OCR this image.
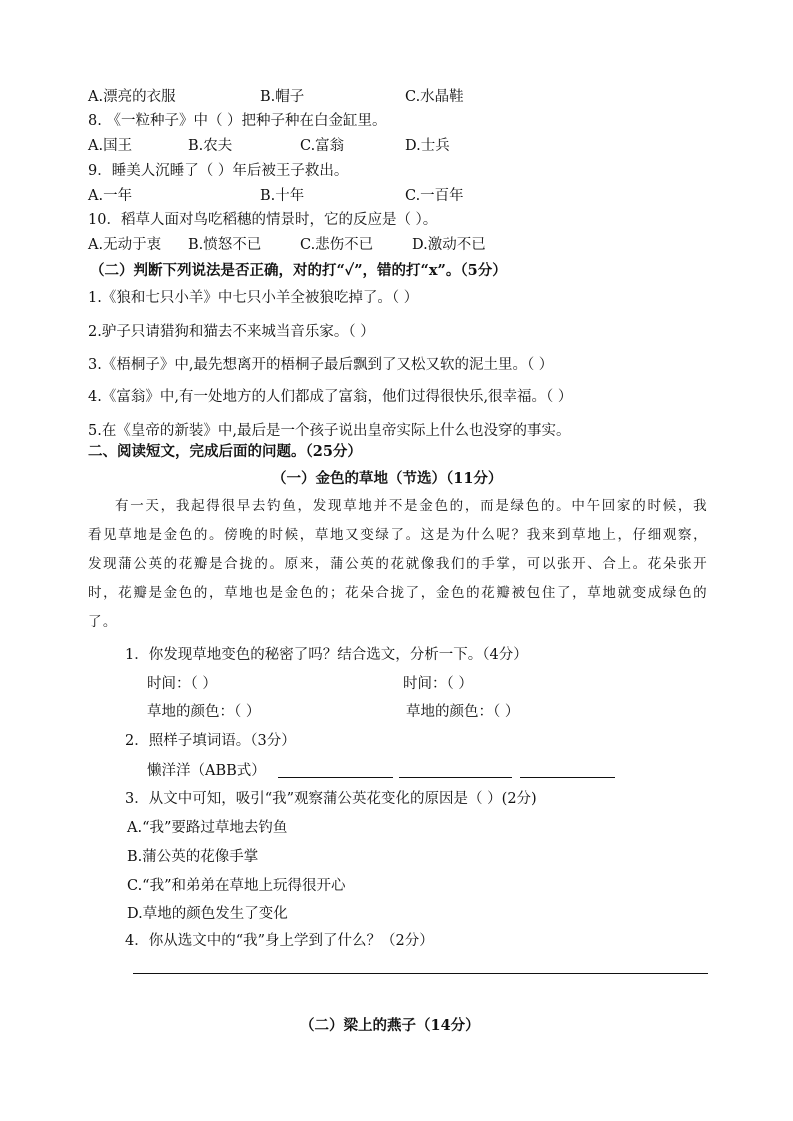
A.漂亮的衣服	B.帽子	C.水晶鞋
8. 《一粒种子》中（ ）把种子种在白金缸里。
A.国王	B.农夫	C.富翁	D.士兵
9．睡美人沉睡了（ ）年后被王子救出。
A.一年	B.十年	C.一百年
10．稻草人面对鸟吃稻穗的情景时，它的反应是（ ）。
A.无动于衷 B.愤怒不已	C.悲伤不已	D.激动不已
（二）判断下列说法是否正确，对的打“✓”，错的打“x”。（5分）
2.驴子只请猎狗和猫去不来城当音乐家。（ ）
3.《梧桐子》中,最先想离开的梧桐子最后飘到了又松又软的泥土里。（ ）
4.《富翁》中,有一处地方的人们都成了富翁，他们过得很快乐,很幸福。（ ）
5.在《皇帝的新装》中,最后是一个孩子说出皇帝实际上什么也没穿的事实。
1.《狼和七只小羊》中七只小羊全被狼吃掉了。（ ）
二、阅读短文，完成后面的问题。（25分）
（一）金色的草地（节选）（11分）

有一天，我起得很早去钓鱼，发现草地并不是金色的，而是绿色的。中午回家的时候，我看见草地是金色的。傍晚的时候，草地又变绿了。这是为什么呢？我来到草地上，仔细观察，发现蒲公英的花瓣是合拢的。原来，蒲公英的花就像我们的手掌，可以张开、合上。花朵张开时，花瓣是金色的，草地也是金色的；花朵合拢了，金色的花瓣被包住了，草地就变成绿色的了。

1．你发现草地变色的秘密了吗？结合选文，分析一下。（4分）
时间：（ ）	时间：（ ）
草地的颜色：（ ）	草地的颜色：（ ）
2．照样子填词语。（3分）
懒洋洋（ABB式）
3．从文中可知，吸引“我”观察蒲公英花变化的原因是（ ）(2分)
A.“我”要路过草地去钓鱼
B.蒲公英的花像手掌
C.“我”和弟弟在草地上玩得很开心
D.草地的颜色发生了变化
4．你从选文中的“我”身上学到了什么？（2分）
（二）梁上的燕子（14分）
